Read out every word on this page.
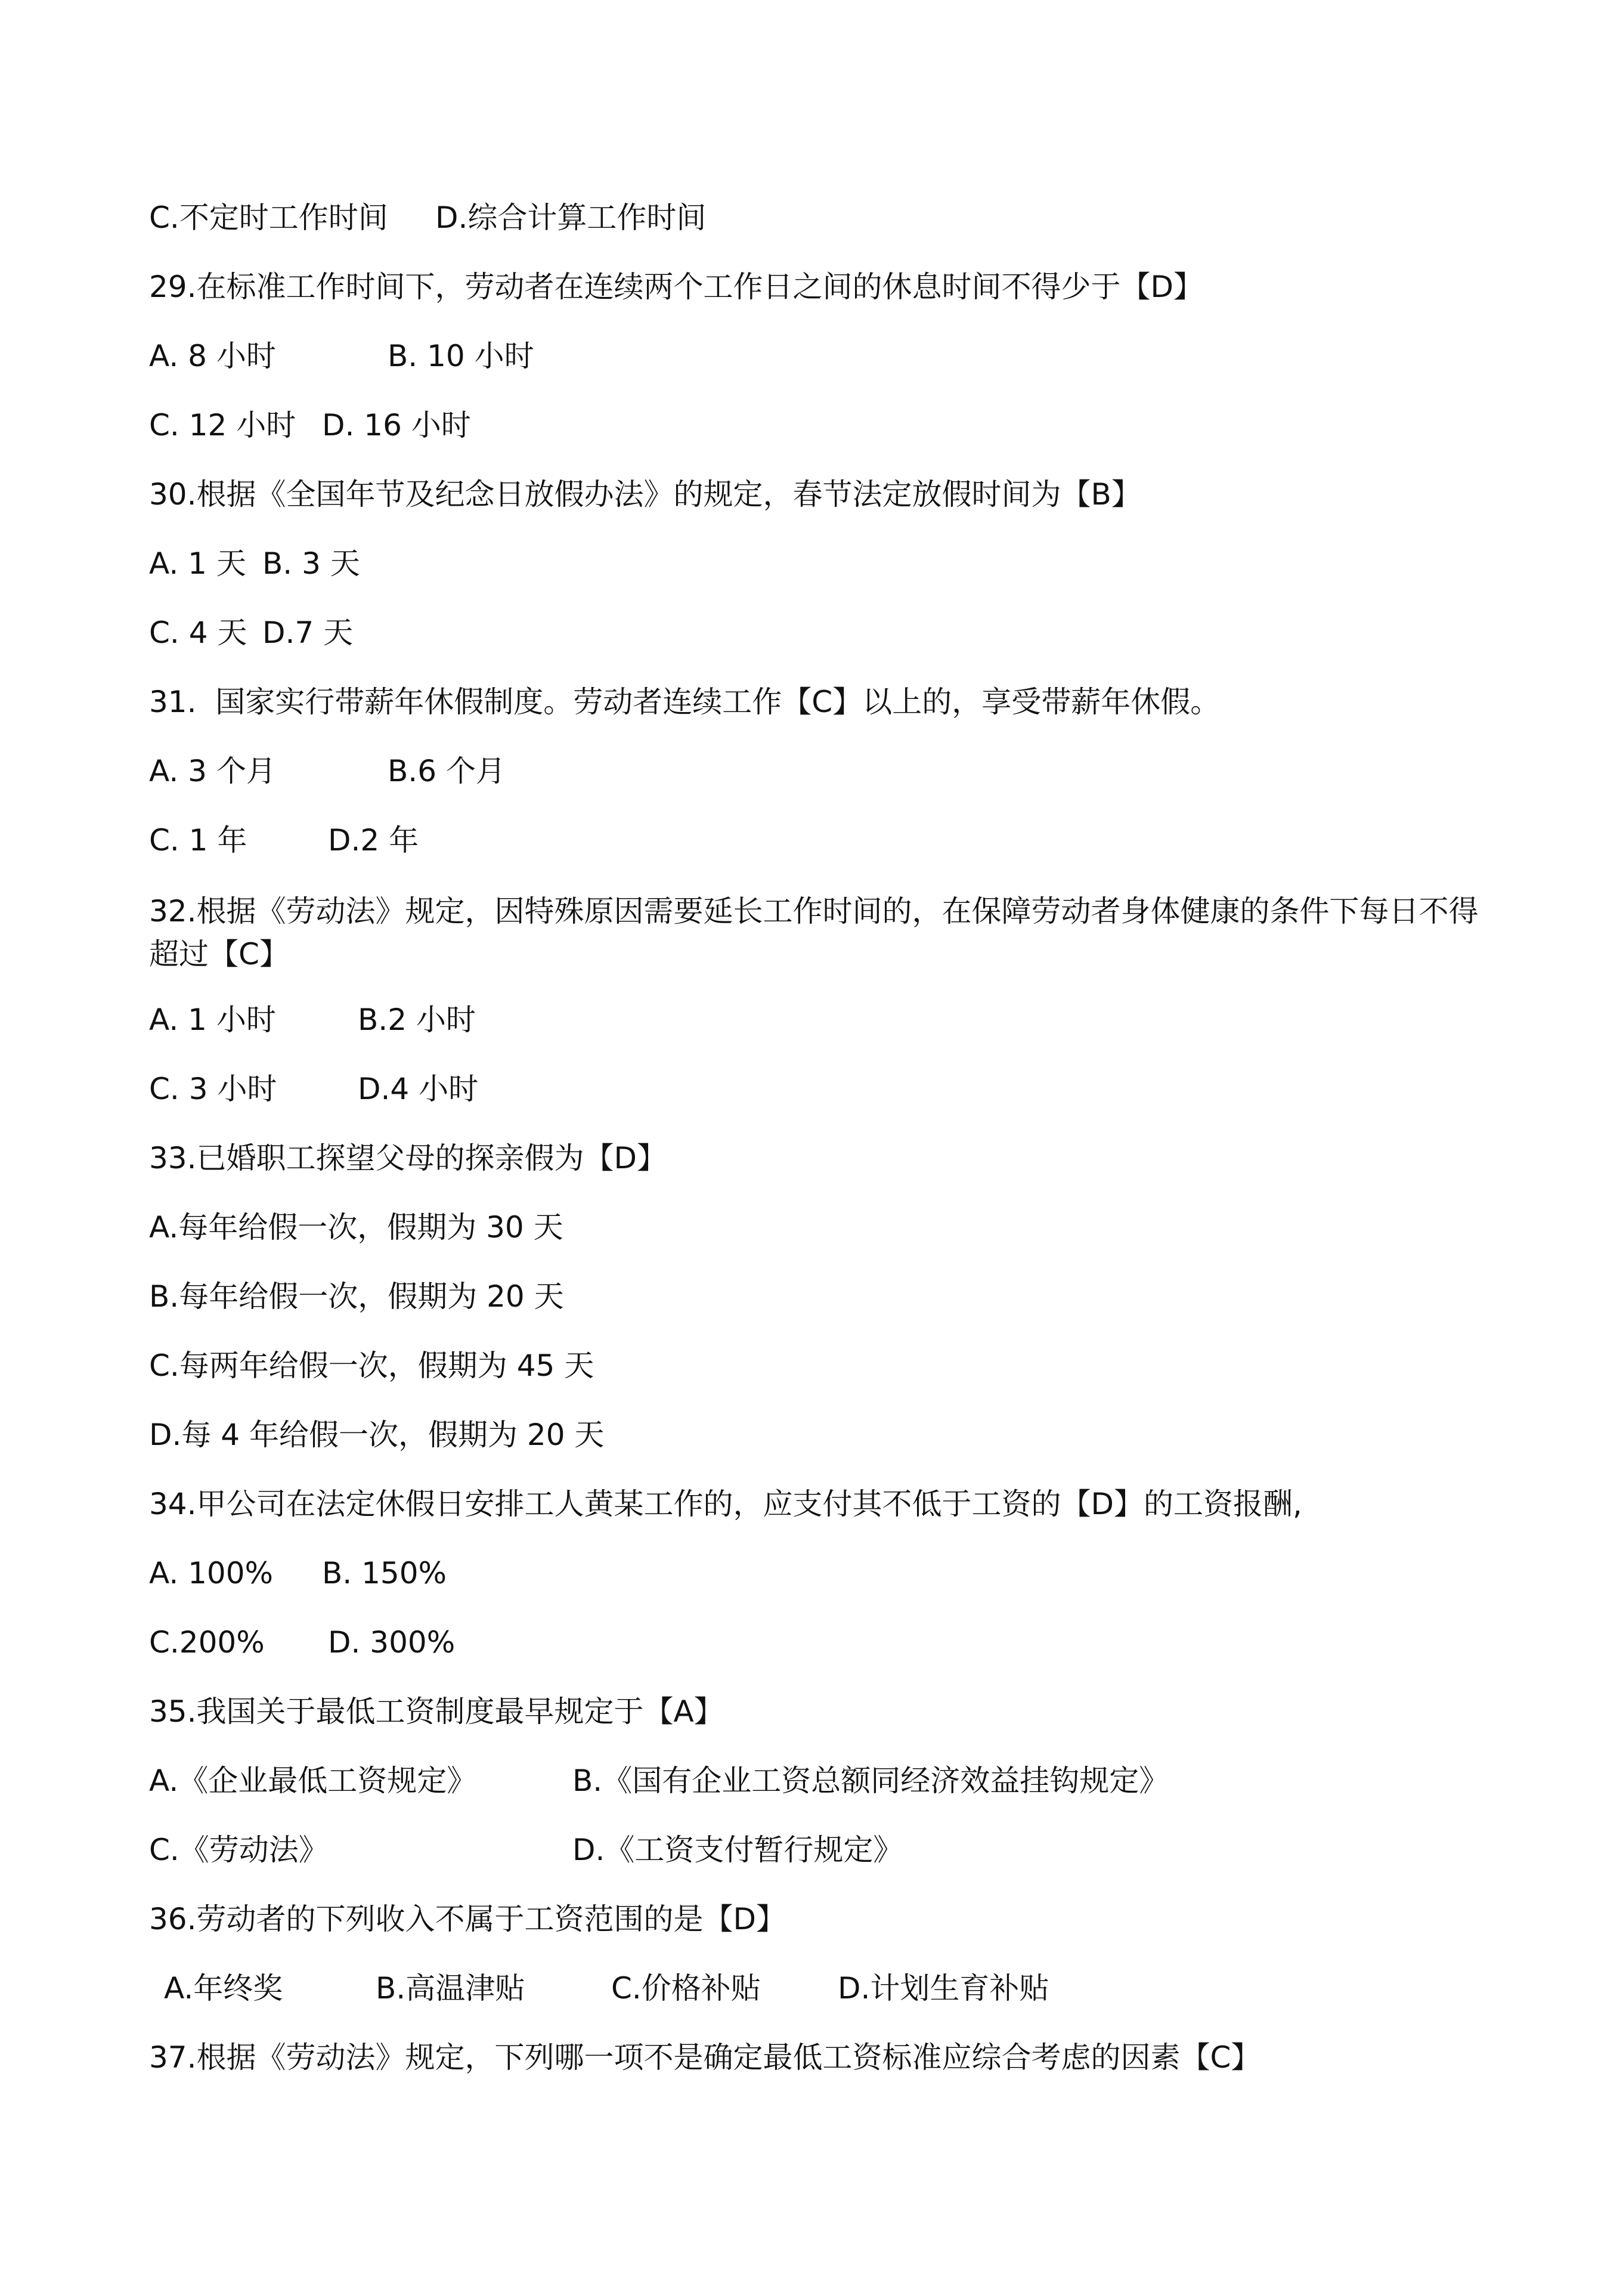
C.不定时工作时间

D.综合计算工作时间

29.在标准工作时间下，劳动者在连续两个工作日之间的休息时间不得少于【D】

A. 8 小时

	B. 10 小时

C. 12 小时

D. 16 小时

30.根据《全国年节及纪念日放假办法》的规定，春节法定放假时间为【B】

A. 1 天

B. 3 天

C. 4 天

D.7 天

31.  国家实行带薪年休假制度。劳动者连续工作【C】以上的，享受带薪年休假。

A. 3 个月

	B.6 个月

C. 1 年

	D.2 年

32.根据《劳动法》规定，因特殊原因需要延长工作时间的，在保障劳动者身体健康的条件下每日不得超过【C】

A. 1 小时

	B.2 小时

C. 3 小时

	D.4 小时

33.已婚职工探望父母的探亲假为【D】
A.每年给假一次，假期为 30 天
B.每年给假一次，假期为 20 天
C.每两年给假一次，假期为 45 天
D.每 4 年给假一次，假期为 20 天
34.甲公司在法定休假日安排工人黄某工作的，应支付其不低于工资的【D】的工资报酬,

A. 100%

B. 150%

C.200%

D. 300%

35.我国关于最低工资制度最早规定于【A】

A.《企业最低工资规定》

	B.《国有企业工资总额同经济效益挂钩规定》

C.《劳动法》

	D.《工资支付暂行规定》

36.劳动者的下列收入不属于工资范围的是【D】

A.年终奖

	B.高温津贴

	C.价格补贴

	D.计划生育补贴

37.根据《劳动法》规定，下列哪一项不是确定最低工资标准应综合考虑的因素【C】
